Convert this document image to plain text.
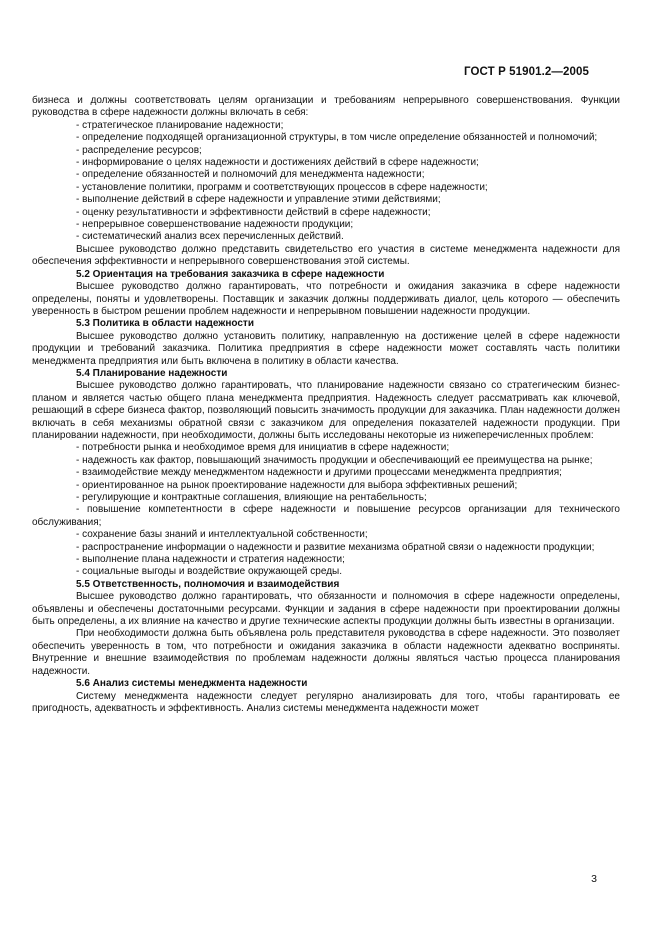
ГОСТ Р 51901.2—2005

бизнеса и должны соответствовать целям организации и требованиям непрерывного совершенствования. Функции руководства в сфере надежности должны включать в себя:

- стратегическое планирование надежности;

- определение подходящей организационной структуры, в том числе определение обязанностей и полномочий;

- распределение ресурсов;

- информирование о целях надежности и достижениях действий в сфере надежности;

- определение обязанностей и полномочий для менеджмента надежности;

- установление политики, программ и соответствующих процессов в сфере надежности;

- выполнение действий в сфере надежности и управление этими действиями;

- оценку результативности и эффективности действий в сфере надежности;

- непрерывное совершенствование надежности продукции;

- систематический анализ всех перечисленных действий.

Высшее руководство должно представить свидетельство его участия в системе менеджмента надежности для обеспечения эффективности и непрерывного совершенствования этой системы.

5.2 Ориентация на требования заказчика в сфере надежности

Высшее руководство должно гарантировать, что потребности и ожидания заказчика в сфере надежности определены, поняты и удовлетворены. Поставщик и заказчик должны поддерживать диалог, цель которого — обеспечить уверенность в быстром решении проблем надежности и непрерывном повышении надежности продукции.

5.3 Политика в области надежности

Высшее руководство должно установить политику, направленную на достижение целей в сфере надежности продукции и требований заказчика. Политика предприятия в сфере надежности может составлять часть политики менеджмента предприятия или быть включена в политику в области качества.

5.4 Планирование надежности

Высшее руководство должно гарантировать, что планирование надежности связано со стратегическим бизнес-планом и является частью общего плана менеджмента предприятия. Надежность следует рассматривать как ключевой, решающий в сфере бизнеса фактор, позволяющий повысить значимость продукции для заказчика. План надежности должен включать в себя механизмы обратной связи с заказчиком для определения показателей надежности продукции. При планировании надежности, при необходимости, должны быть исследованы некоторые из нижеперечисленных проблем:

- потребности рынка и необходимое время для инициатив в сфере надежности;

- надежность как фактор, повышающий значимость продукции и обеспечивающий ее преимущества на рынке;

- взаимодействие между менеджментом надежности и другими процессами менеджмента предприятия;

- ориентированное на рынок проектирование надежности для выбора эффективных решений;

- регулирующие и контрактные соглашения, влияющие на рентабельность;

- повышение компетентности в сфере надежности и повышение ресурсов организации для технического обслуживания;

- сохранение базы знаний и интеллектуальной собственности;

- распространение информации о надежности и развитие механизма обратной связи о надежности продукции;

- выполнение плана надежности и стратегия надежности;

- социальные выгоды и воздействие окружающей среды.

5.5 Ответственность, полномочия и взаимодействия

Высшее руководство должно гарантировать, что обязанности и полномочия в сфере надежности определены, объявлены и обеспечены достаточными ресурсами. Функции и задания в сфере надежности при проектировании должны быть определены, а их влияние на качество и другие технические аспекты продукции должны быть известны в организации.

При необходимости должна быть объявлена роль представителя руководства в сфере надежности. Это позволяет обеспечить уверенность в том, что потребности и ожидания заказчика в области надежности адекватно восприняты. Внутренние и внешние взаимодействия по проблемам надежности должны являться частью процесса планирования надежности.

5.6 Анализ системы менеджмента надежности

Систему менеджмента надежности следует регулярно анализировать для того, чтобы гарантировать ее пригодность, адекватность и эффективность. Анализ системы менеджмента надежности может

3
